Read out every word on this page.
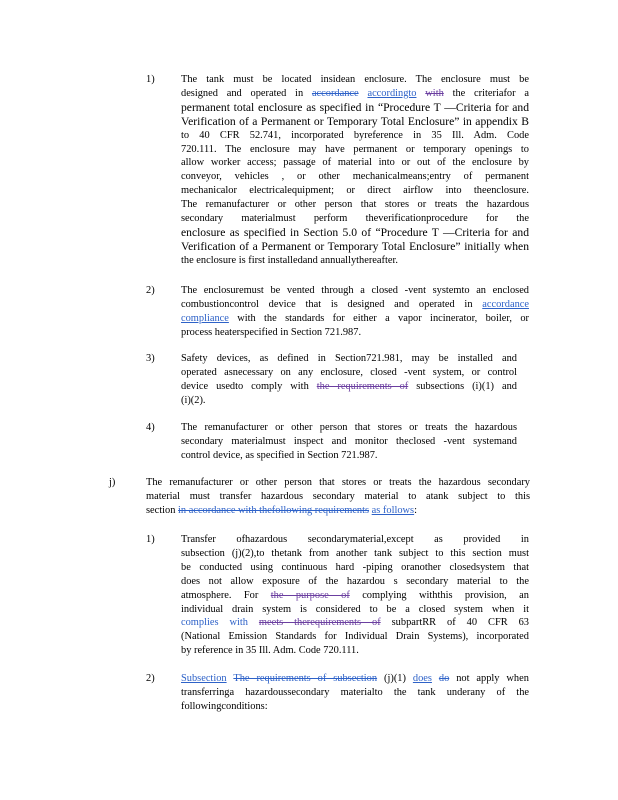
1)	The tank must be located insidean enclosure. The enclosure must be
designed and operated in accordance accordingto with the criteriafor a
permanent total enclosure as specified in “Procedure T —Criteria for and
Verification of a Permanent or Temporary Total Enclosure” in appendix B
to 40 CFR 52.741, incorporated byreference in 35 Ill. Adm. Code
720.111. The enclosure may have permanent or temporary openings to
allow worker access; passage of material into or out of the enclosure by
conveyor, vehicles , or other mechanicalmeans;entry of permanent
mechanicalor electricalequipment; or direct airflow into theenclosure.
The remanufacturer or other person that stores or treats the hazardous
secondary materialmust perform theverificationprocedure for the
enclosure as specified in Section 5.0 of “Procedure T —Criteria for and
Verification of a Permanent or Temporary Total Enclosure” initially when
the enclosure is first installedand annuallythereafter.
2)	The enclosuremust be vented through a closed -vent systemto an enclosed
combustioncontrol device that is designed and operated in accordance
compliance with the standards for either a vapor incinerator, boiler, or
process heaterspecified in Section 721.987.
3)	Safety devices, as defined in Section721.981, may be installed and
operated asnecessary on any enclosure, closed -vent system, or control
device usedto comply with the requirements of subsections (i)(1) and
(i)(2).
4)	The remanufacturer or other person that stores or treats the hazardous
secondary materialmust inspect and monitor theclosed -vent systemand
control device, as specified in Section 721.987.
j)	The remanufacturer or other person that stores or treats the hazardous secondary
material must transfer hazardous secondary material to atank subject to this
section in accordance with thefollowing requirements as follows:
1)	Transfer ofhazardous secondarymaterial,except as provided in
subsection (j)(2),to thetank from another tank subject to this section must
be conducted using continuous hard -piping oranother closedsystem that
does not allow exposure of the hazardou s secondary material to the
atmosphere. For the purpose of complying withthis provision, an
individual drain system is considered to be a closed system when it
complies with meets therequirements of subpartRR of 40 CFR 63
(National Emission Standards for Individual Drain Systems), incorporated
by reference in 35 Ill. Adm. Code 720.111.
2)	Subsection The requirements of subsection (j)(1) does do not apply when
transferringa hazardoussecondary materialto the tank underany of the
followingconditions:
